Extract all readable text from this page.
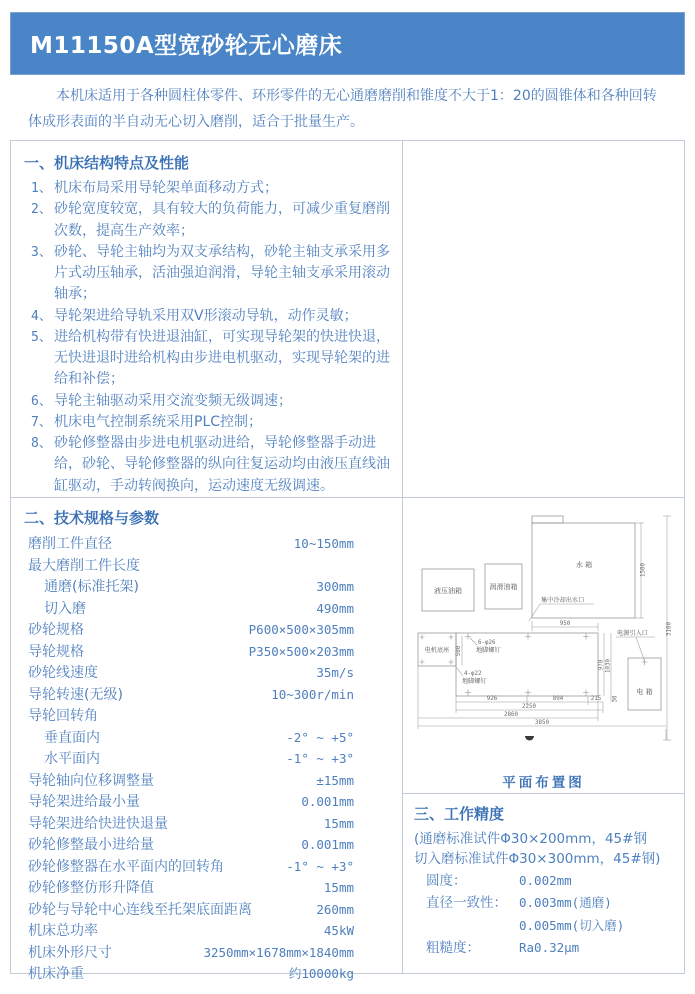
M11150A型宽砂轮无心磨床
本机床适用于各种圆柱体零件、环形零件的无心通磨磨削和锥度不大于1：20的圆锥体和各种回转体成形表面的半自动无心切入磨削，适合于批量生产。
一、机床结构特点及性能
1、 机床布局采用导轮架单面移动方式；
2、 砂轮宽度较宽，具有较大的负荷能力，可减少重复磨削次数，提高生产效率；
3、 砂轮、导轮主轴均为双支承结构，砂轮主轴支承采用多片式动压轴承，活油强迫润滑，导轮主轴支承采用滚动轴承；
4、 导轮架进给导轨采用双V形滚动导轨，动作灵敏；
5、 进给机构带有快进退油缸，可实现导轮架的快进快退，无快进退时进给机构由步进电机驱动，实现导轮架的进给和补偿；
6、 导轮主轴驱动采用交流变频无级调速；
7、 机床电气控制系统采用PLC控制；
8、 砂轮修整器由步进电机驱动进给，导轮修整器手动进给，砂轮、导轮修整器的纵向往复运动均由液压直线油缸驱动，手动转阀换向，运动速度无级调速。
二、技术规格与参数
磨削工件直径	10~150mm
最大磨削工件长度
通磨(标准托架)	300mm
切入磨	490mm
砂轮规格	P600×500×305mm
导轮规格	P350×500×203mm
砂轮线速度	35m/s
导轮转速(无级)	10~300r/min
导轮回转角
垂直面内	-2° ~ +5°
水平面内	-1° ~ +3°
导轮轴向位移调整量	±15mm
导轮架进给最小量	0.001mm
导轮架进给快进快退量	15mm
砂轮修整最小进给量	0.001mm
砂轮修整器在水平面内的回转角	-1° ~ +3°
砂轮修整仿形升降值	15mm
砂轮与导轮中心连线至托架底面距离	260mm
机床总功率	45kW
机床外形尺寸	3250mm×1678mm×1840mm
机床净重	约10000kg
水 箱
集中冷却出水口
1500
3100
950
液压油箱	润滑油箱
电机底座 500
6-φ26
地脚螺钉
4-φ22
地脚螺钉
970 1030
30
电 箱
电源引入口
926	894	215
2250
2860
3850
平面布置图
三、工作精度
(通磨标准试件Φ30×200mm，45#钢
切入磨标准试件Φ30×300mm，45#钢)
圆度：	0.002mm
直径一致性： 0.003mm(通磨)
0.005mm(切入磨)
粗糙度：	Ra0.32μm
